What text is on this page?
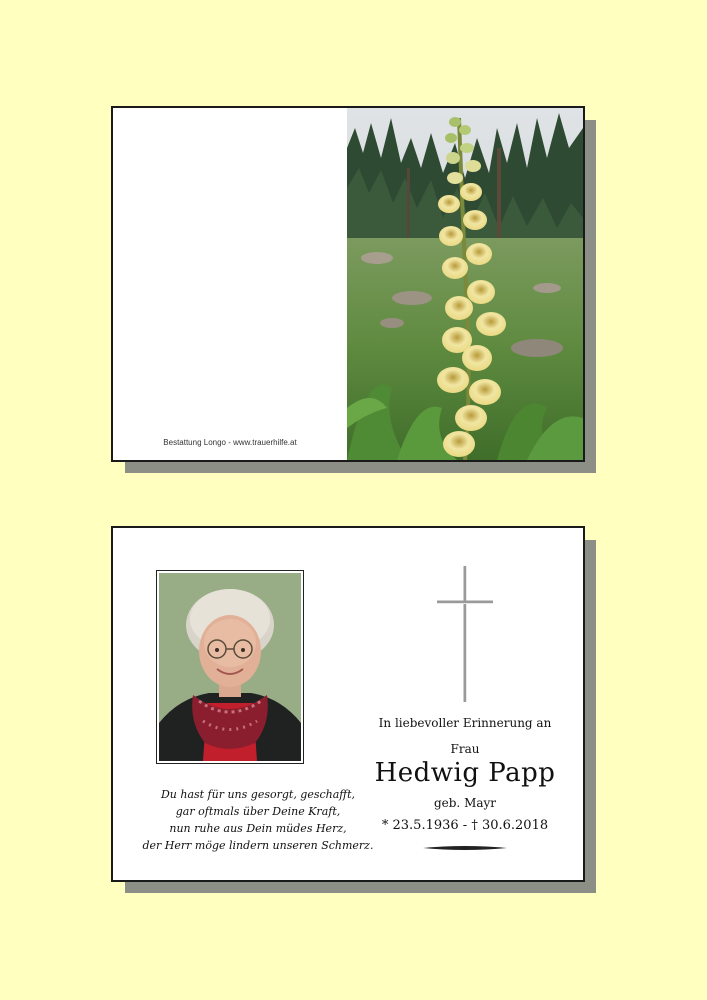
Bestattung Longo - www.trauerhilfe.at
Du hast für uns gesorgt, geschafft,
gar oftmals über Deine Kraft,
nun ruhe aus Dein müdes Herz,
der Herr möge lindern unseren Schmerz.
In liebevoller Erinnerung an
Frau
Hedwig Papp
geb. Mayr
* 23.5.1936 - † 30.6.2018
